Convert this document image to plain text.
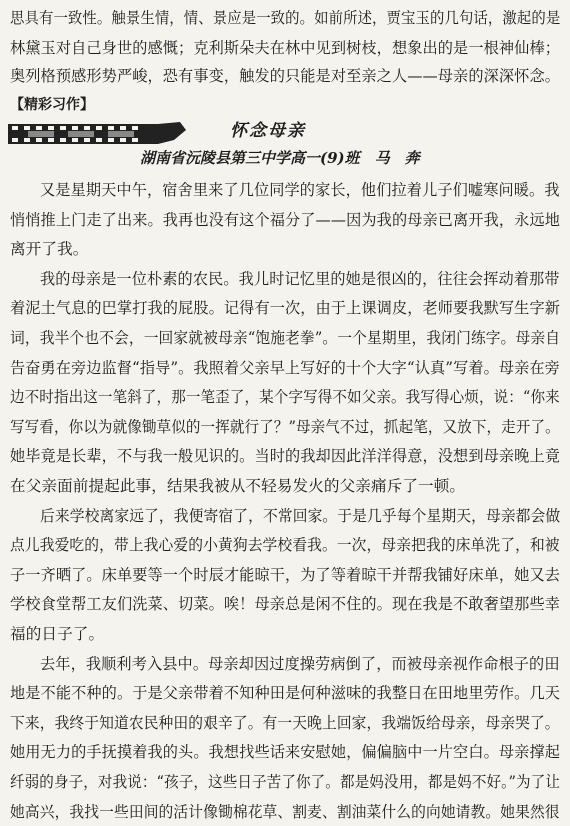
思具有一致性。触景生情，情、景应是一致的。如前所述，贾宝玉的几句话，激起的是
林黛玉对自己身世的感慨；克利斯朵夫在林中见到树枝，想象出的是一根神仙棒；
奥列格预感形势严峻，恐有事变，触发的只能是对至亲之人——母亲的深深怀念。
【精彩习作】
怀念母亲
湖南省沅陵县第三中学高一(9)班　马　奔
又是星期天中午，宿舍里来了几位同学的家长，他们拉着儿子们嘘寒问暖。我
悄悄推上门走了出来。我再也没有这个福分了——因为我的母亲已离开我，永远地
离开了我。
我的母亲是一位朴素的农民。我儿时记忆里的她是很凶的，往往会挥动着那带
着泥土气息的巴掌打我的屁股。记得有一次，由于上课调皮，老师要我默写生字新
词，我半个也不会，一回家就被母亲“饱施老拳”。一个星期里，我闭门练字。母亲自
告奋勇在旁边监督“指导”。我照着父亲早上写好的十个大字“认真”写着。母亲在旁
边不时指出这一笔斜了，那一笔歪了，某个字写得不如父亲。我写得心烦，说：“你来
写写看，你以为就像锄草似的一挥就行了？”母亲气不过，抓起笔，又放下，走开了。
她毕竟是长辈，不与我一般见识的。当时的我却因此洋洋得意，没想到母亲晚上竟
在父亲面前提起此事，结果我被从不轻易发火的父亲痛斥了一顿。
后来学校离家远了，我便寄宿了，不常回家。于是几乎每个星期天，母亲都会做
点儿我爱吃的，带上我心爱的小黄狗去学校看我。一次，母亲把我的床单洗了，和被
子一齐晒了。床单要等一个时辰才能晾干，为了等着晾干并帮我铺好床单，她又去
学校食堂帮工友们洗菜、切菜。唉！母亲总是闲不住的。现在我是不敢奢望那些幸
福的日子了。
去年，我顺利考入县中。母亲却因过度操劳病倒了，而被母亲视作命根子的田
地是不能不种的。于是父亲带着不知种田是何种滋味的我整日在田地里劳作。几天
下来，我终于知道农民种田的艰辛了。有一天晚上回家，我端饭给母亲，母亲哭了。
她用无力的手抚摸着我的头。我想找些话来安慰她，偏偏脑中一片空白。母亲撑起
纤弱的身子，对我说：“孩子，这些日子苦了你了。都是妈没用，都是妈不好。”为了让
她高兴，我找一些田间的活计像锄棉花草、割麦、割油菜什么的向她请教。她果然很
